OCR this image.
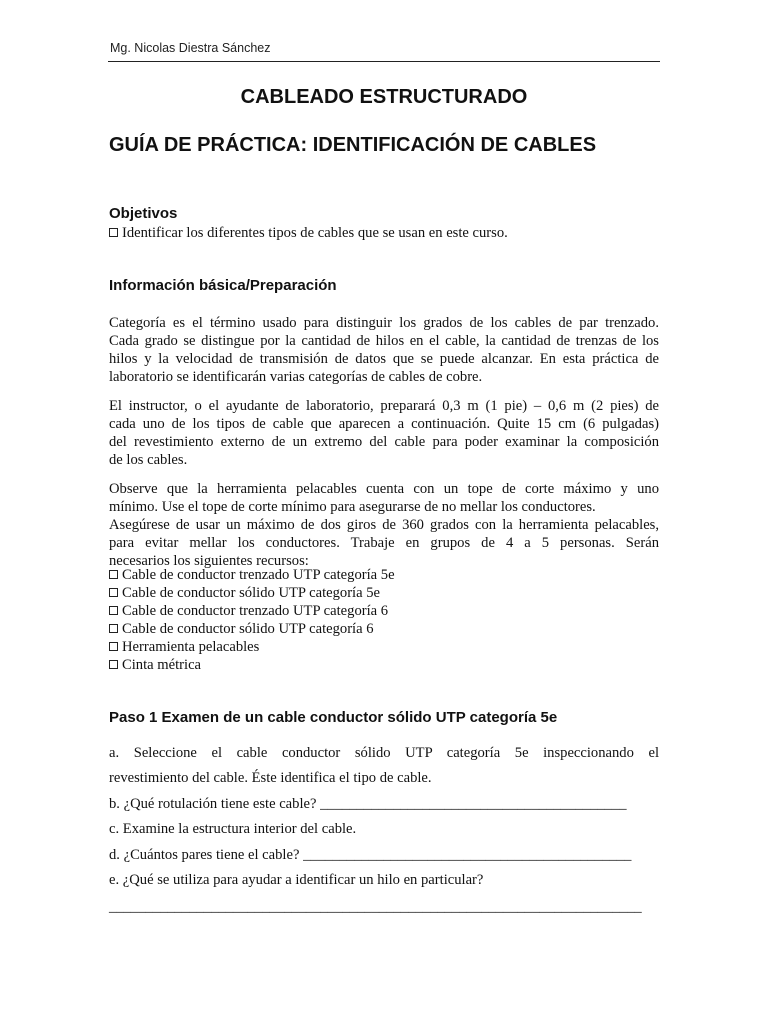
Mg. Nicolas Diestra Sánchez
CABLEADO ESTRUCTURADO
GUÍA DE PRÁCTICA: IDENTIFICACIÓN DE CABLES
Objetivos
Identificar los diferentes tipos de cables que se usan en este curso.
Información básica/Preparación
Categoría es el término usado para distinguir los grados de los cables de par trenzado.
Cada grado se distingue por la cantidad de hilos en el cable, la cantidad de trenzas de los
hilos y la velocidad de transmisión de datos que se puede alcanzar. En esta práctica de
laboratorio se identificarán varias categorías de cables de cobre.
El instructor, o el ayudante de laboratorio, preparará 0,3 m (1 pie) – 0,6 m (2 pies) de
cada uno de los tipos de cable que aparecen a continuación. Quite 15 cm (6 pulgadas)
del revestimiento externo de un extremo del cable para poder examinar la composición
de los cables.
Observe que la herramienta pelacables cuenta con un tope de corte máximo y uno
mínimo. Use el tope de corte mínimo para asegurarse de no mellar los conductores.
Asegúrese de usar un máximo de dos giros de 360 grados con la herramienta pelacables,
para evitar mellar los conductores. Trabaje en grupos de 4 a 5 personas. Serán
necesarios los siguientes recursos:
Cable de conductor trenzado UTP categoría 5e
Cable de conductor sólido UTP categoría 5e
Cable de conductor trenzado UTP categoría 6
Cable de conductor sólido UTP categoría 6
Herramienta pelacables
Cinta métrica
Paso 1 Examen de un cable conductor sólido UTP categoría 5e
a. Seleccione el cable conductor sólido UTP categoría 5e inspeccionando el
revestimiento del cable. Éste identifica el tipo de cable.
b. ¿Qué rotulación tiene este cable? __________________________________________
c. Examine la estructura interior del cable.
d. ¿Cuántos pares tiene el cable? _____________________________________________
e. ¿Qué se utiliza para ayudar a identificar un hilo en particular?
_________________________________________________________________________
